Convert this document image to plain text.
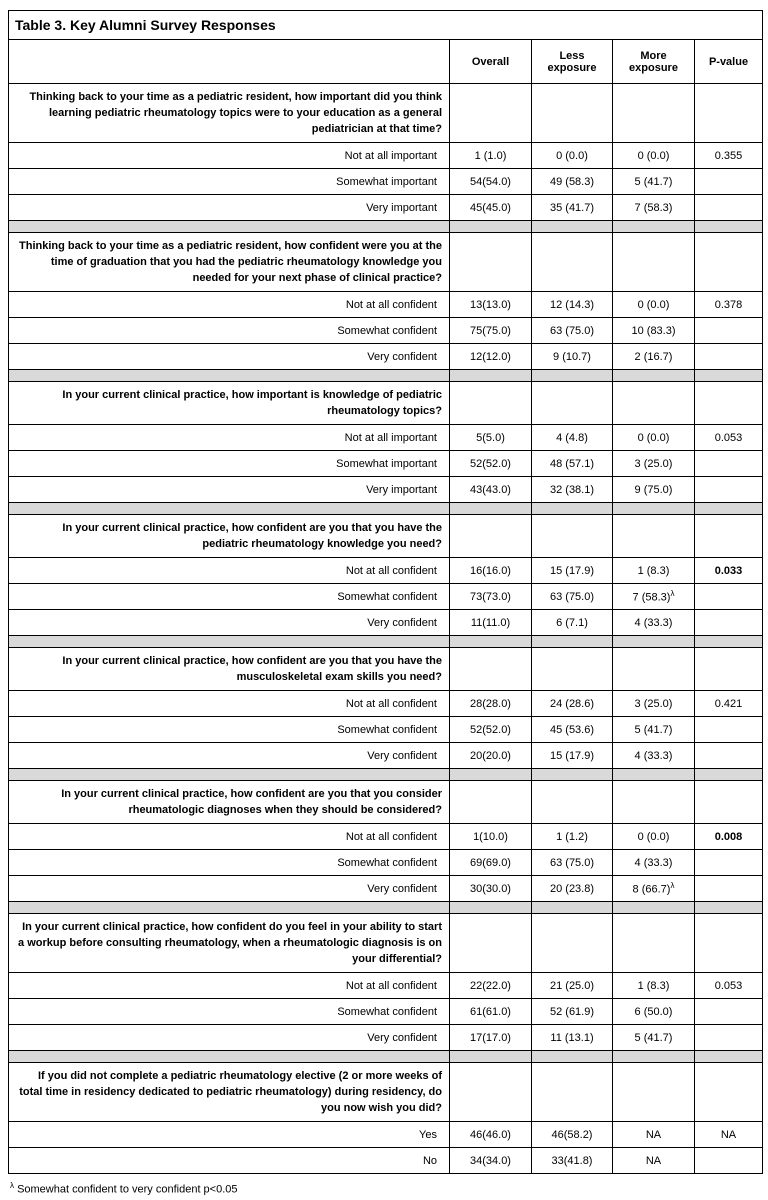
Table 3. Key Alumni Survey Responses				
	Overall	Less exposure	More exposure	P-value
Thinking back to your time as a pediatric resident, how important did you think learning pediatric rheumatology topics were to your education as a general pediatrician at that time?				
Not at all important	1 (1.0)	0 (0.0)	0 (0.0)	0.355
Somewhat important	54(54.0)	49 (58.3)	5 (41.7)	
Very important	45(45.0)	35 (41.7)	7 (58.3)	

Thinking back to your time as a pediatric resident, how confident were you at the time of graduation that you had the pediatric rheumatology knowledge you needed for your next phase of clinical practice?				
Not at all confident	13(13.0)	12 (14.3)	0 (0.0)	0.378
Somewhat confident	75(75.0)	63 (75.0)	10 (83.3)	
Very confident	12(12.0)	9 (10.7)	2 (16.7)	

In your current clinical practice, how important is knowledge of pediatric rheumatology topics?				
Not at all important	5(5.0)	4 (4.8)	0 (0.0)	0.053
Somewhat important	52(52.0)	48 (57.1)	3 (25.0)	
Very important	43(43.0)	32 (38.1)	9 (75.0)	

In your current clinical practice, how confident are you that you have the pediatric rheumatology knowledge you need?				
Not at all confident	16(16.0)	15 (17.9)	1 (8.3)	0.033
Somewhat confident	73(73.0)	63 (75.0)	7 $(58.3)^\lambda$	
Very confident	11(11.0)	6 (7.1)	4 (33.3)	

In your current clinical practice, how confident are you that you have the musculoskeletal exam skills you need?				
Not at all confident	28(28.0)	24 (28.6)	3 (25.0)	0.421
Somewhat confident	52(52.0)	45 (53.6)	5 (41.7)	
Very confident	20(20.0)	15 (17.9)	4 (33.3)	

In your current clinical practice, how confident are you that you consider rheumatologic diagnoses when they should be considered?				
Not at all confident	1(10.0)	1 (1.2)	0 (0.0)	0.008
Somewhat confident	69(69.0)	63 (75.0)	4 (33.3)	
Very confident	30(30.0)	20 (23.8)	8 $(66.7)^\lambda$	

In your current clinical practice, how confident do you feel in your ability to start a workup before consulting rheumatology, when a rheumatologic diagnosis is on your differential?				
Not at all confident	22(22.0)	21 (25.0)	1 (8.3)	0.053
Somewhat confident	61(61.0)	52 (61.9)	6 (50.0)	
Very confident	17(17.0)	11 (13.1)	5 (41.7)	

If you did not complete a pediatric rheumatology elective (2 or more weeks of total time in residency dedicated to pediatric rheumatology) during residency, do you now wish you did?				
Yes	46(46.0)	46(58.2)	NA	NA
No	34(34.0)	33(41.8)	NA	
$^\lambda$ Somewhat confident to very confident p<0.05
